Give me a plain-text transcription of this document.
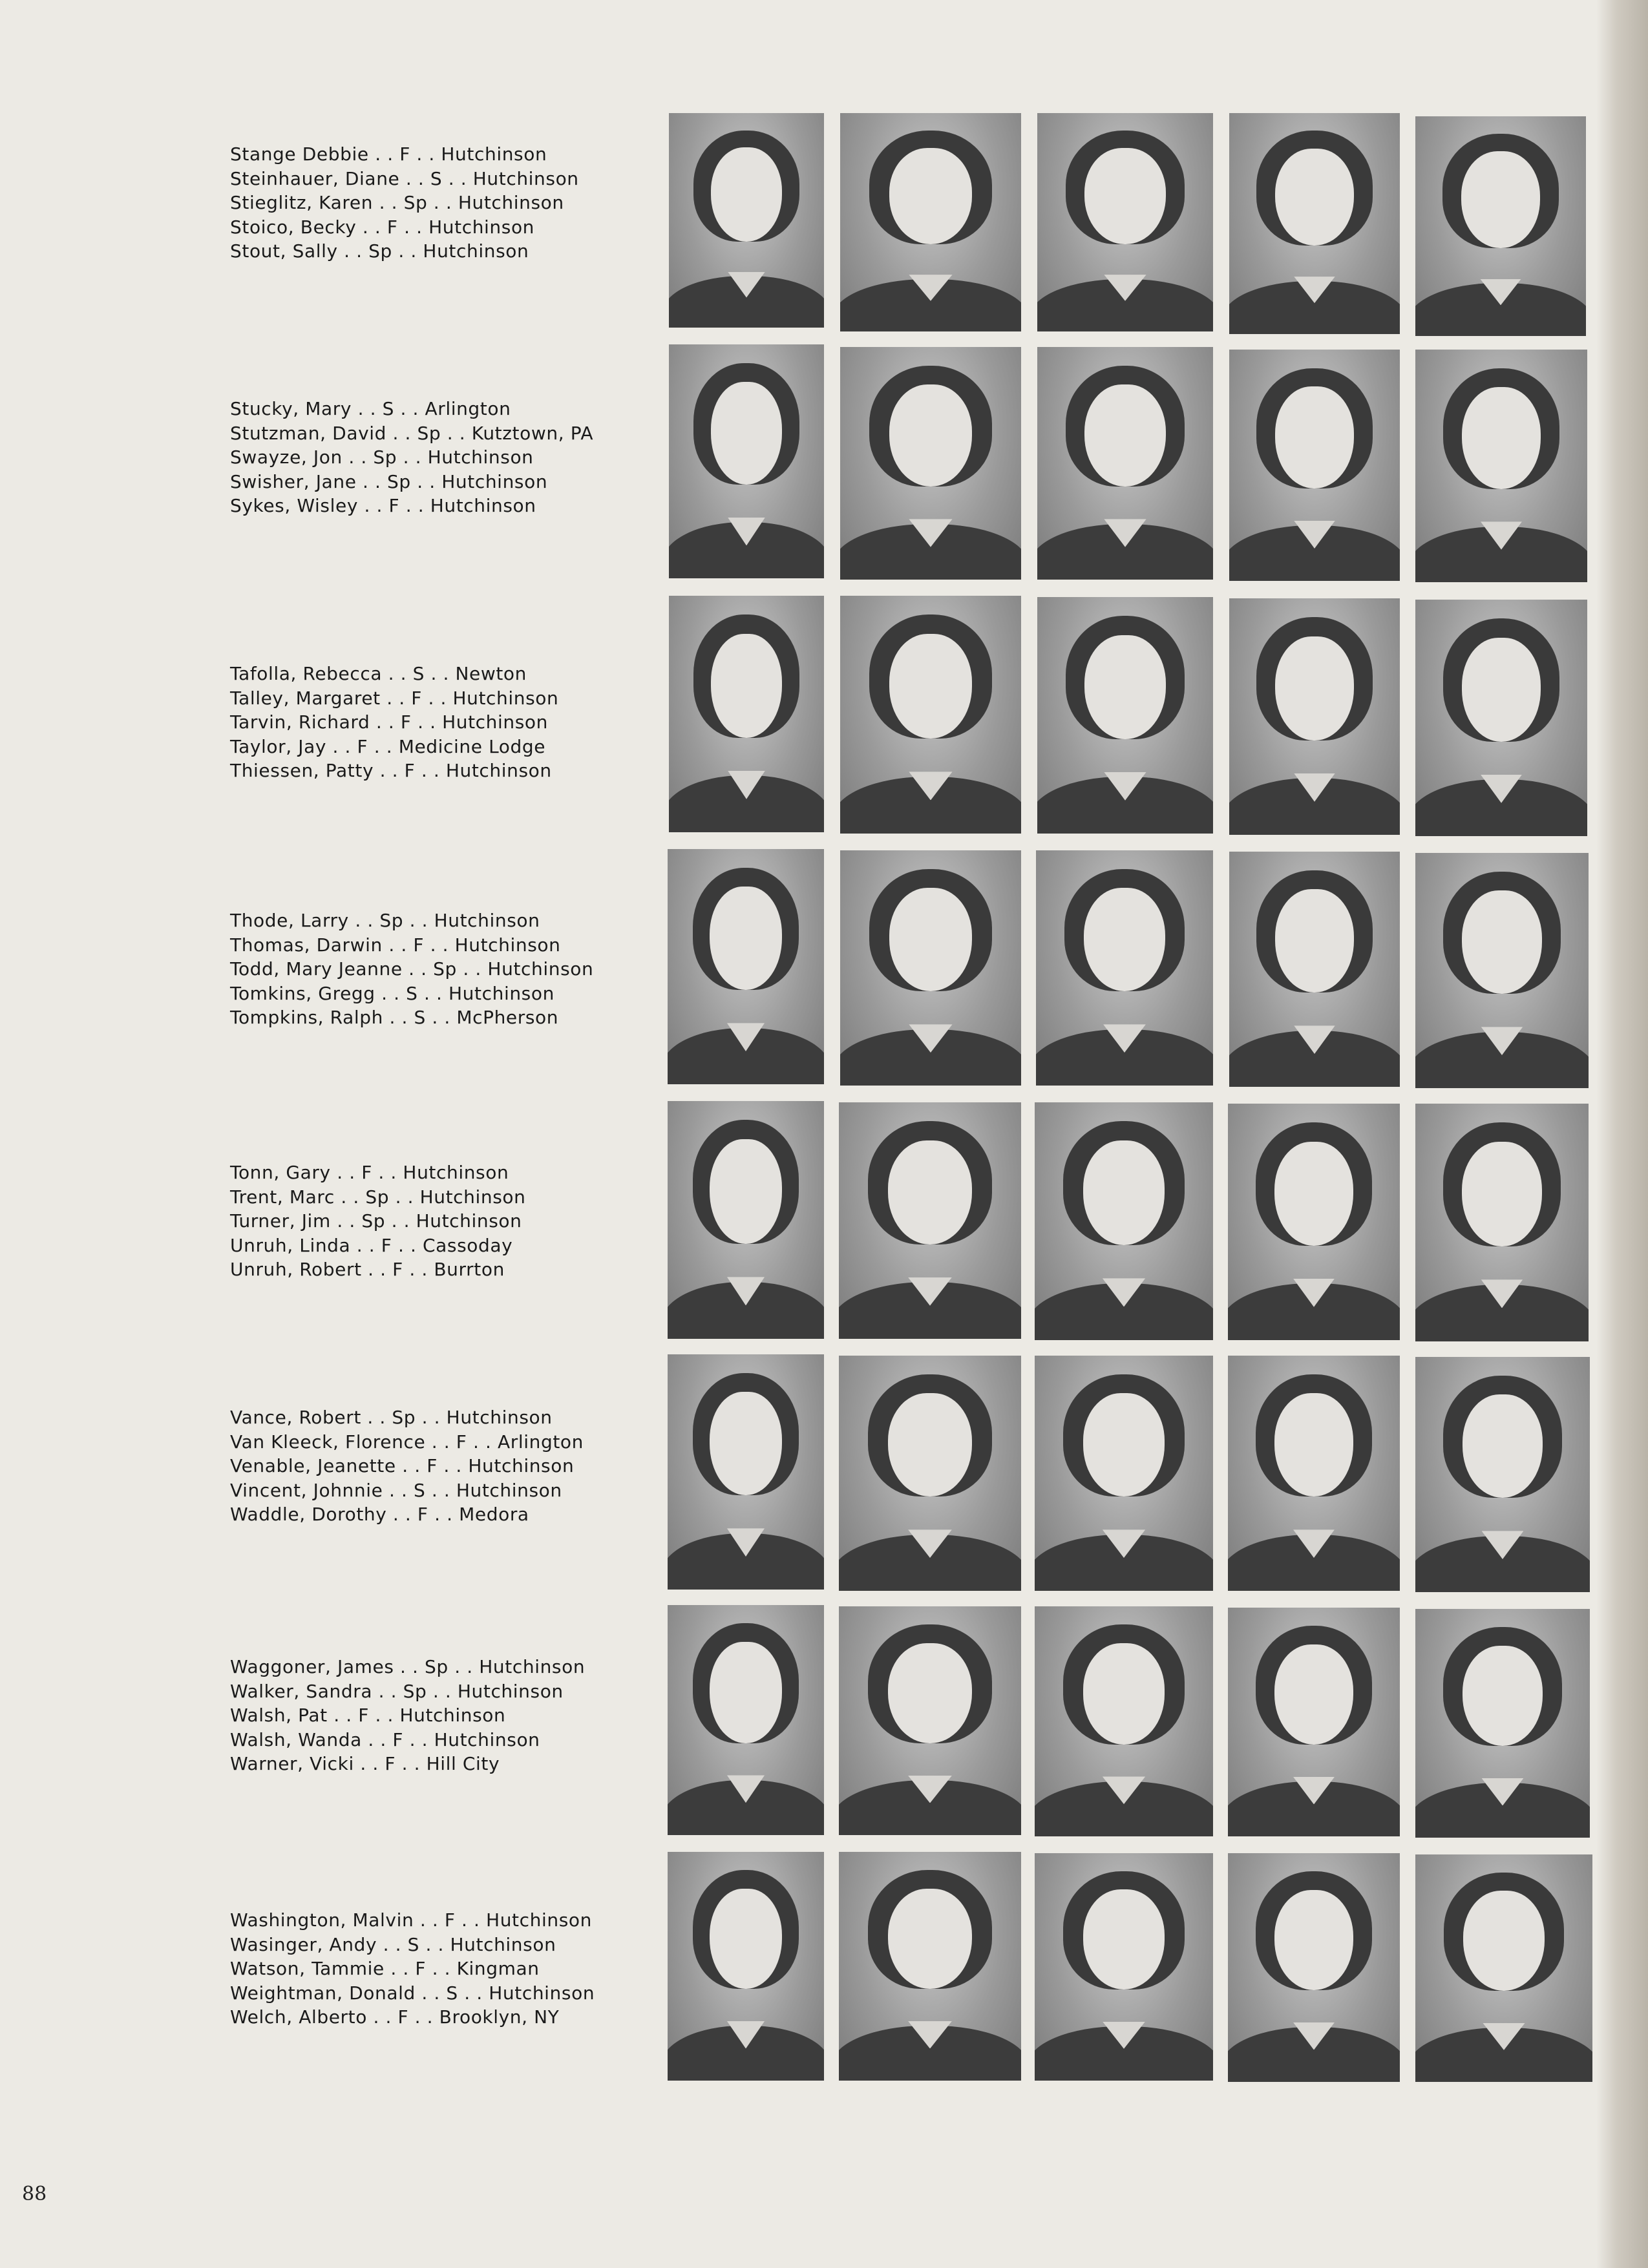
Stange Debbie . . F . . Hutchinson
Steinhauer, Diane . . S . . Hutchinson
Stieglitz, Karen . . Sp . . Hutchinson
Stoico, Becky . . F . . Hutchinson
Stout, Sally . . Sp . . Hutchinson
Stucky, Mary . . S . . Arlington
Stutzman, David . . Sp . . Kutztown, PA
Swayze, Jon . . Sp . . Hutchinson
Swisher, Jane . . Sp . . Hutchinson
Sykes, Wisley . . F . . Hutchinson
Tafolla, Rebecca . . S . . Newton
Talley, Margaret . . F . . Hutchinson
Tarvin, Richard . . F . . Hutchinson
Taylor, Jay . . F . . Medicine Lodge
Thiessen, Patty . . F . . Hutchinson
Thode, Larry . . Sp . . Hutchinson
Thomas, Darwin . . F . . Hutchinson
Todd, Mary Jeanne . . Sp . . Hutchinson
Tomkins, Gregg . . S . . Hutchinson
Tompkins, Ralph . . S . . McPherson
Tonn, Gary . . F . . Hutchinson
Trent, Marc . . Sp . . Hutchinson
Turner, Jim . . Sp . . Hutchinson
Unruh, Linda . . F . . Cassoday
Unruh, Robert . . F . . Burrton
Vance, Robert . . Sp . . Hutchinson
Van Kleeck, Florence . . F . . Arlington
Venable, Jeanette . . F . . Hutchinson
Vincent, Johnnie . . S . . Hutchinson
Waddle, Dorothy . . F . . Medora
Waggoner, James . . Sp . . Hutchinson
Walker, Sandra . . Sp . . Hutchinson
Walsh, Pat . . F . . Hutchinson
Walsh, Wanda . . F . . Hutchinson
Warner, Vicki . . F . . Hill City
Washington, Malvin . . F . . Hutchinson
Wasinger, Andy . . S . . Hutchinson
Watson, Tammie . . F . . Kingman
Weightman, Donald . . S . . Hutchinson
Welch, Alberto . . F . . Brooklyn, NY
88
